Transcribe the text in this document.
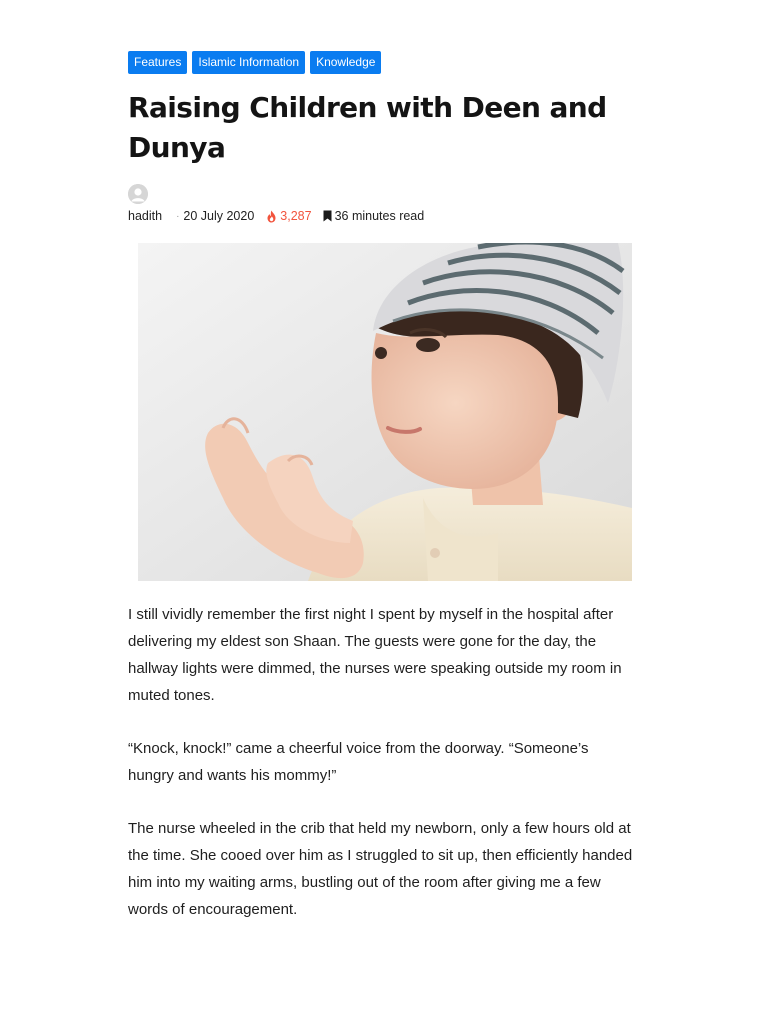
Features	Islamic Information	Knowledge
Raising Children with Deen and Dunya
hadith · 20 July 2020 3,287 36 minutes read

I still vividly remember the first night I spent by myself in the hospital after delivering my eldest son Shaan. The guests were gone for the day, the hallway lights were dimmed, the nurses were speaking outside my room in muted tones.

“Knock, knock!” came a cheerful voice from the doorway. “Someone’s hungry and wants his mommy!”

The nurse wheeled in the crib that held my newborn, only a few hours old at the time. She cooed over him as I struggled to sit up, then efficiently handed him into my waiting arms, bustling out of the room after giving me a few words of encouragement.
